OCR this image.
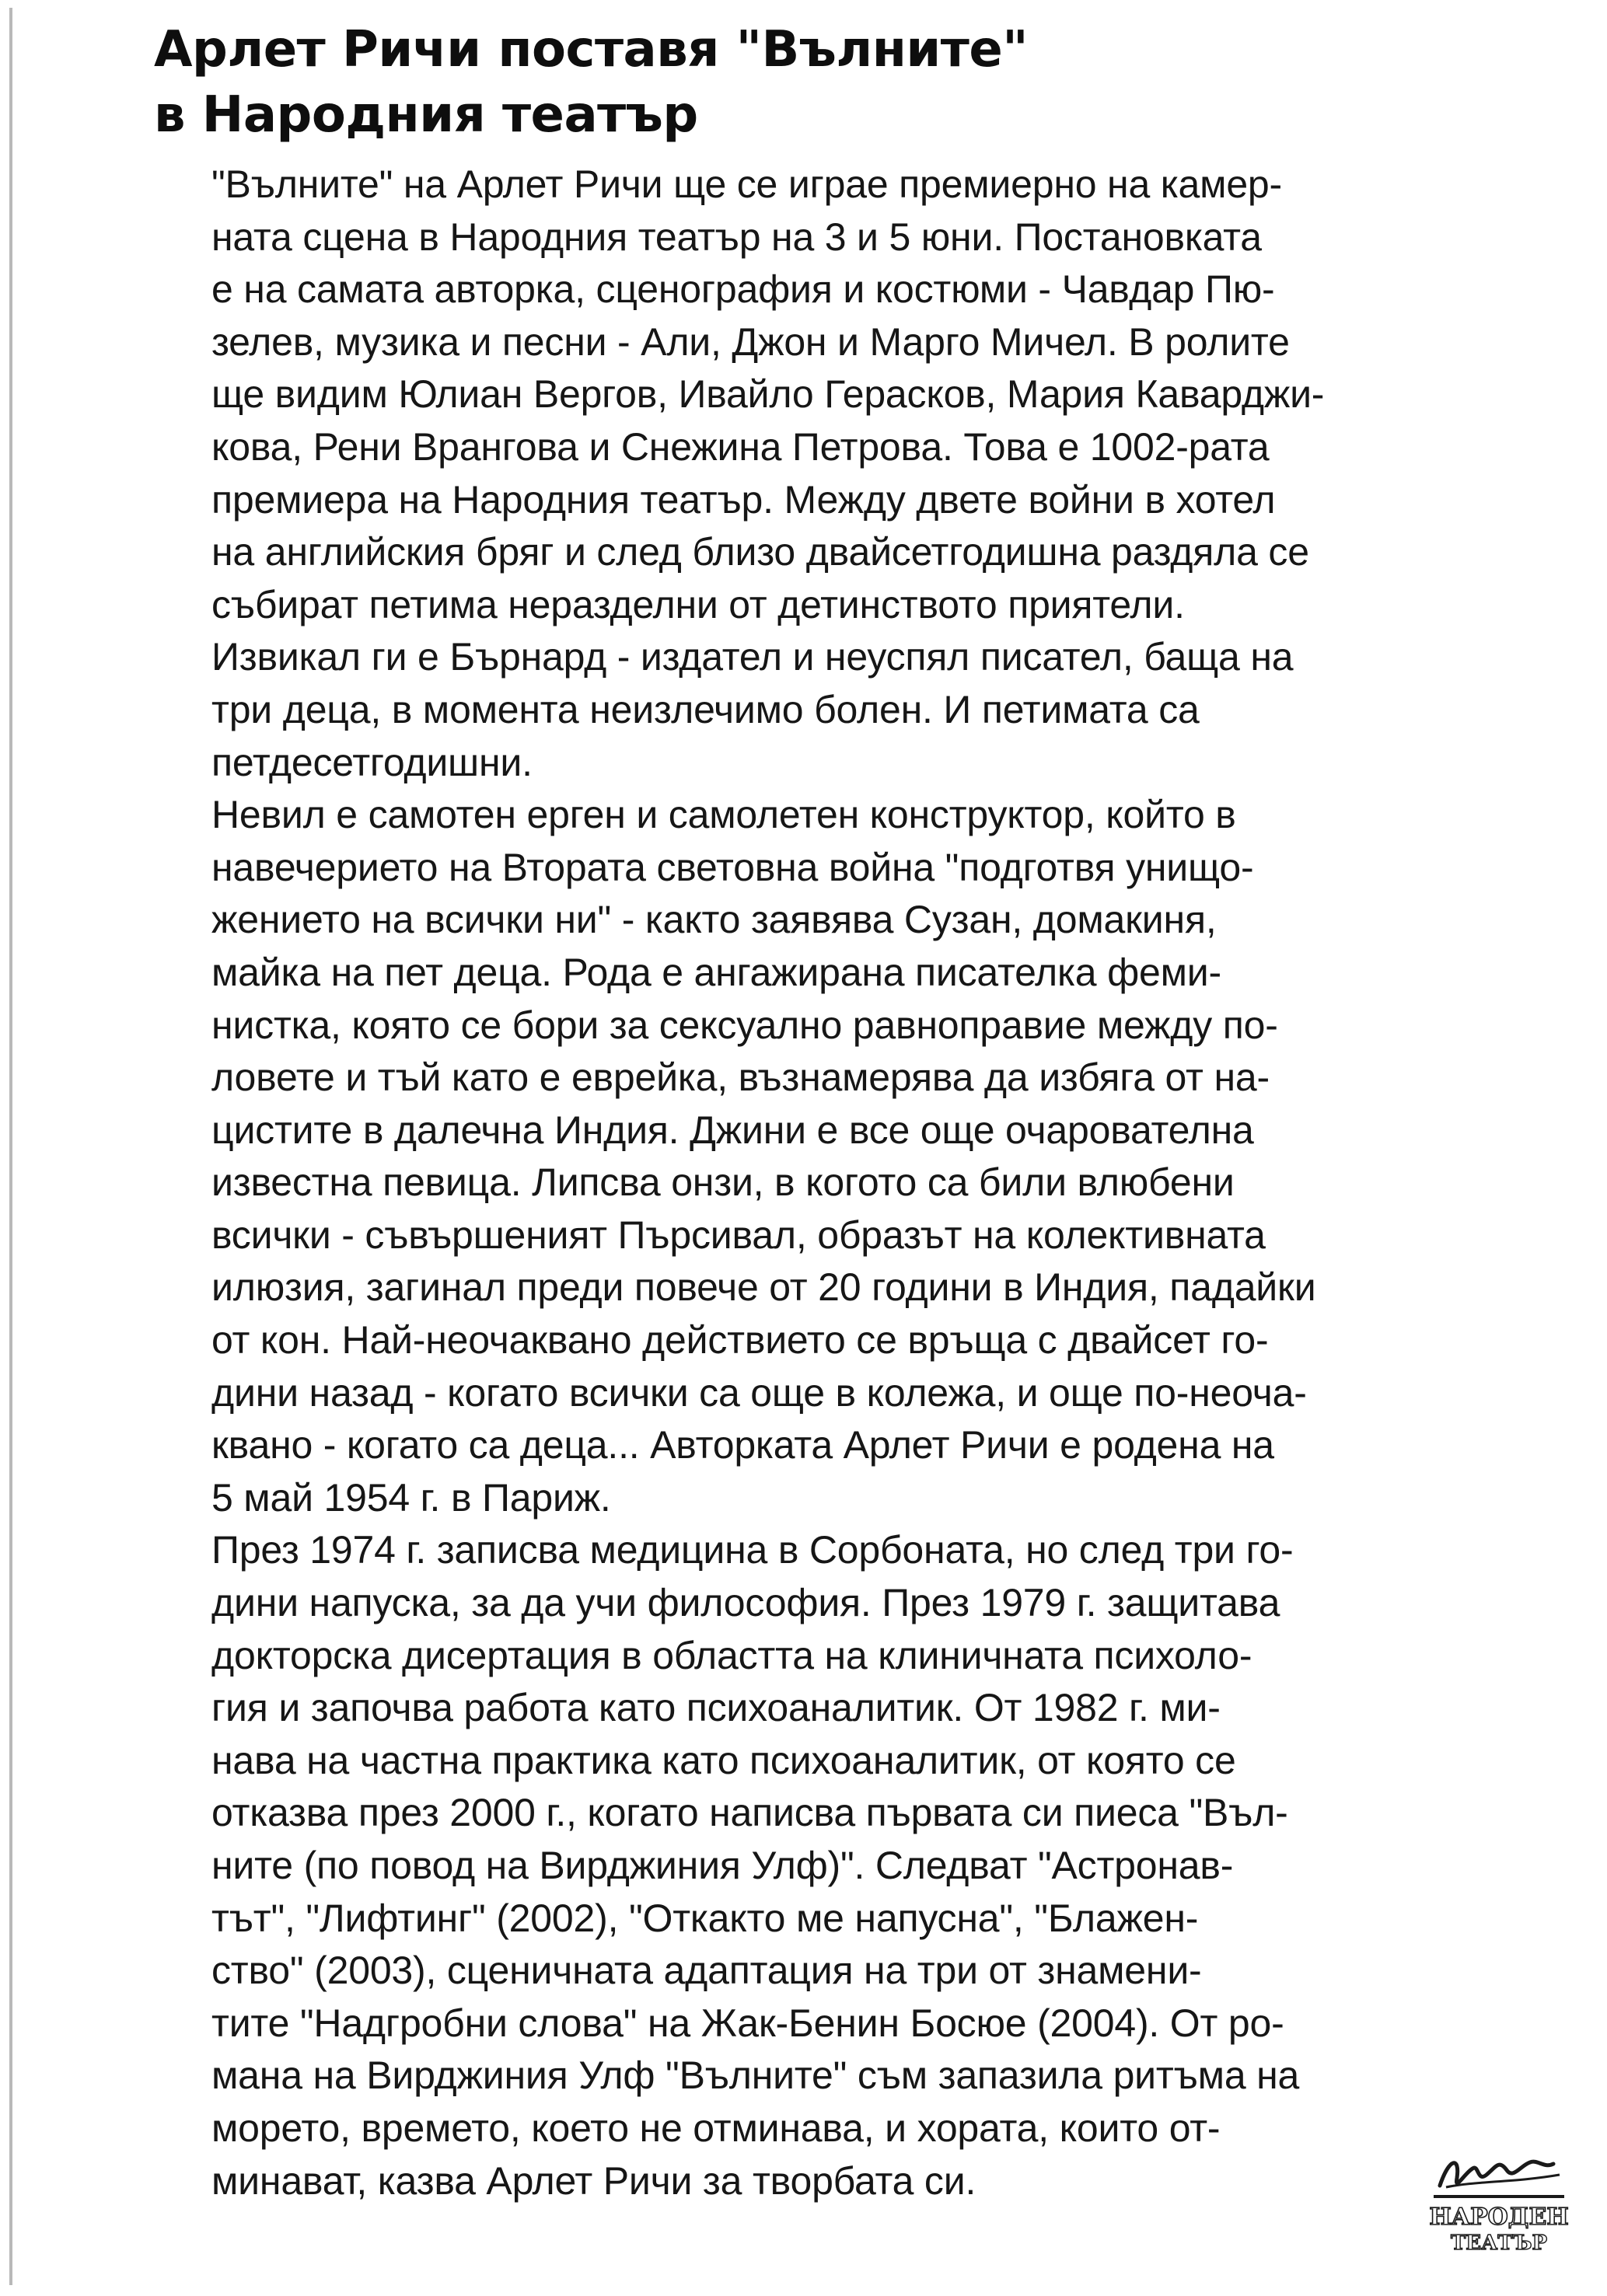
Арлет Ричи поставя "Вълните"
в Народния театър

"Вълните" на Арлет Ричи ще се играе премиерно на камер-
ната сцена в Народния театър на 3 и 5 юни. Постановката
е на самата авторка, сценография и костюми - Чавдар Пю-
зелев, музика и песни - Али, Джон и Марго Мичел. В ролите
ще видим Юлиан Вергов, Ивайло Герасков, Мария Каварджи-
кова, Рени Врангова и Снежина Петрова. Това е 1002-рата
премиера на Народния театър. Между двете войни в хотел
на английския бряг и след близо двайсетгодишна раздяла се
събират петима неразделни от детинството приятели.
Извикал ги е Бърнард - издател и неуспял писател, баща на
три деца, в момента неизлечимо болен. И петимата са
петдесетгодишни.

Невил е самотен ерген и самолетен конструктор, който в
навечерието на Втората световна война "подготвя унищо-
жението на всички ни" - както заявява Сузан, домакиня,
майка на пет деца. Рода е ангажирана писателка феми-
нистка, която се бори за сексуално равноправие между по-
ловете и тъй като е еврейка, възнамерява да избяга от на-
цистите в далечна Индия. Джини е все още очарователна
известна певица. Липсва онзи, в когото са били влюбени
всички - съвършеният Пърсивал, образът на колективната
илюзия, загинал преди повече от 20 години в Индия, падайки
от кон. Най-неочаквано действието се връща с двайсет го-
дини назад - когато всички са още в колежа, и още по-неоча-
квано - когато са деца... Авторката Арлет Ричи е родена на
5 май 1954 г. в Париж.

През 1974 г. записва медицина в Сорбоната, но след три го-
дини напуска, за да учи философия. През 1979 г. защитава
докторска дисертация в областта на клиничната психоло-
гия и започва работа като психоаналитик. От 1982 г. ми-
нава на частна практика като психоаналитик, от която се
отказва през 2000 г., когато написва първата си пиеса "Въл-
ните (по повод на Вирджиния Улф)". Следват "Астронав-
тът", "Лифтинг" (2002), "Откакто ме напусна", "Блажен-
ство" (2003), сценичната адаптация на три от знамени-
тите "Надгробни слова" на Жак-Бенин Босюе (2004). От ро-
мана на Вирджиния Улф "Вълните" съм запазила ритъма на
морето, времето, което не отминава, и хората, които от-
минават, казва Арлет Ричи за творбата си.

НАРОДЕН
ТЕАТЪР
